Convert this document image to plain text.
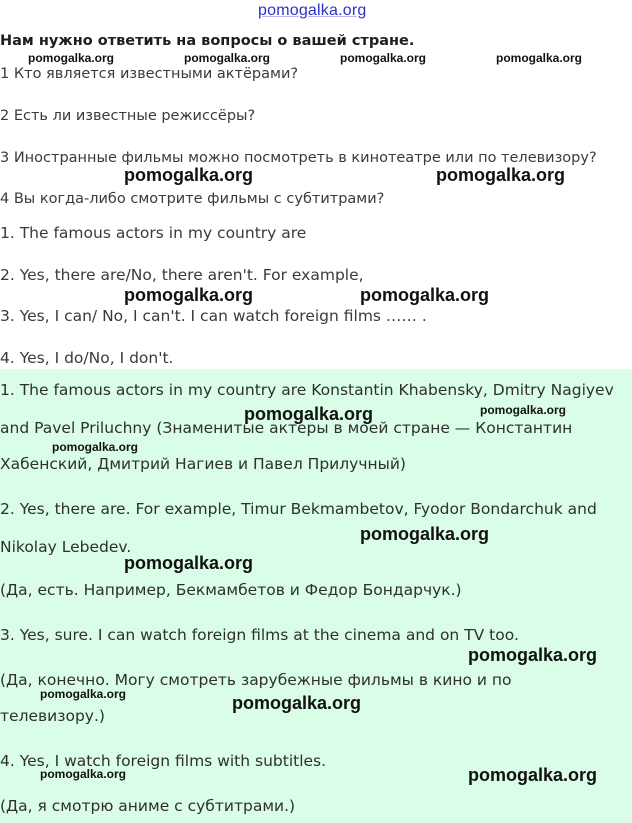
pomogalka.org
Нам нужно ответить на вопросы о вашей стране.
1 Кто является известными актёрами?
2 Есть ли известные режиссёры?
3 Иностранные фильмы можно посмотреть в кинотеатре или по телевизору?
4 Вы когда-либо смотрите фильмы с субтитрами?
1. The famous actors in my country are
2. Yes, there are/No, there aren't. For example,
3. Yes, I can/ No, I can't. I can watch foreign films …… .
4. Yes, I do/No, I don't.
1. The famous actors in my country are Konstantin Khabensky, Dmitry Nagiyev
and Pavel Priluchny (Знаменитые актеры в моей стране — Константин
Хабенский, Дмитрий Нагиев и Павел Прилучный)
2. Yes, there are. For example, Timur Bekmambetov, Fyodor Bondarchuk and
Nikolay Lebedev.
(Да, есть. Например, Бекмамбетов и Федор Бондарчук.)
3. Yes, sure. I can watch foreign films at the cinema and on TV too.
(Да, конечно. Могу смотреть зарубежные фильмы в кино и по
телевизору.)
4. Yes, I watch foreign films with subtitles.
(Да, я смотрю аниме с субтитрами.)
pomogalka.org	pomogalka.org	pomogalka.org	pomogalka.org
pomogalka.org	pomogalka.org
pomogalka.org	pomogalka.org
pomogalka.org	pomogalka.org
pomogalka.org
pomogalka.org
pomogalka.org
pomogalka.org
pomogalka.org	pomogalka.org
pomogalka.org	pomogalka.org
